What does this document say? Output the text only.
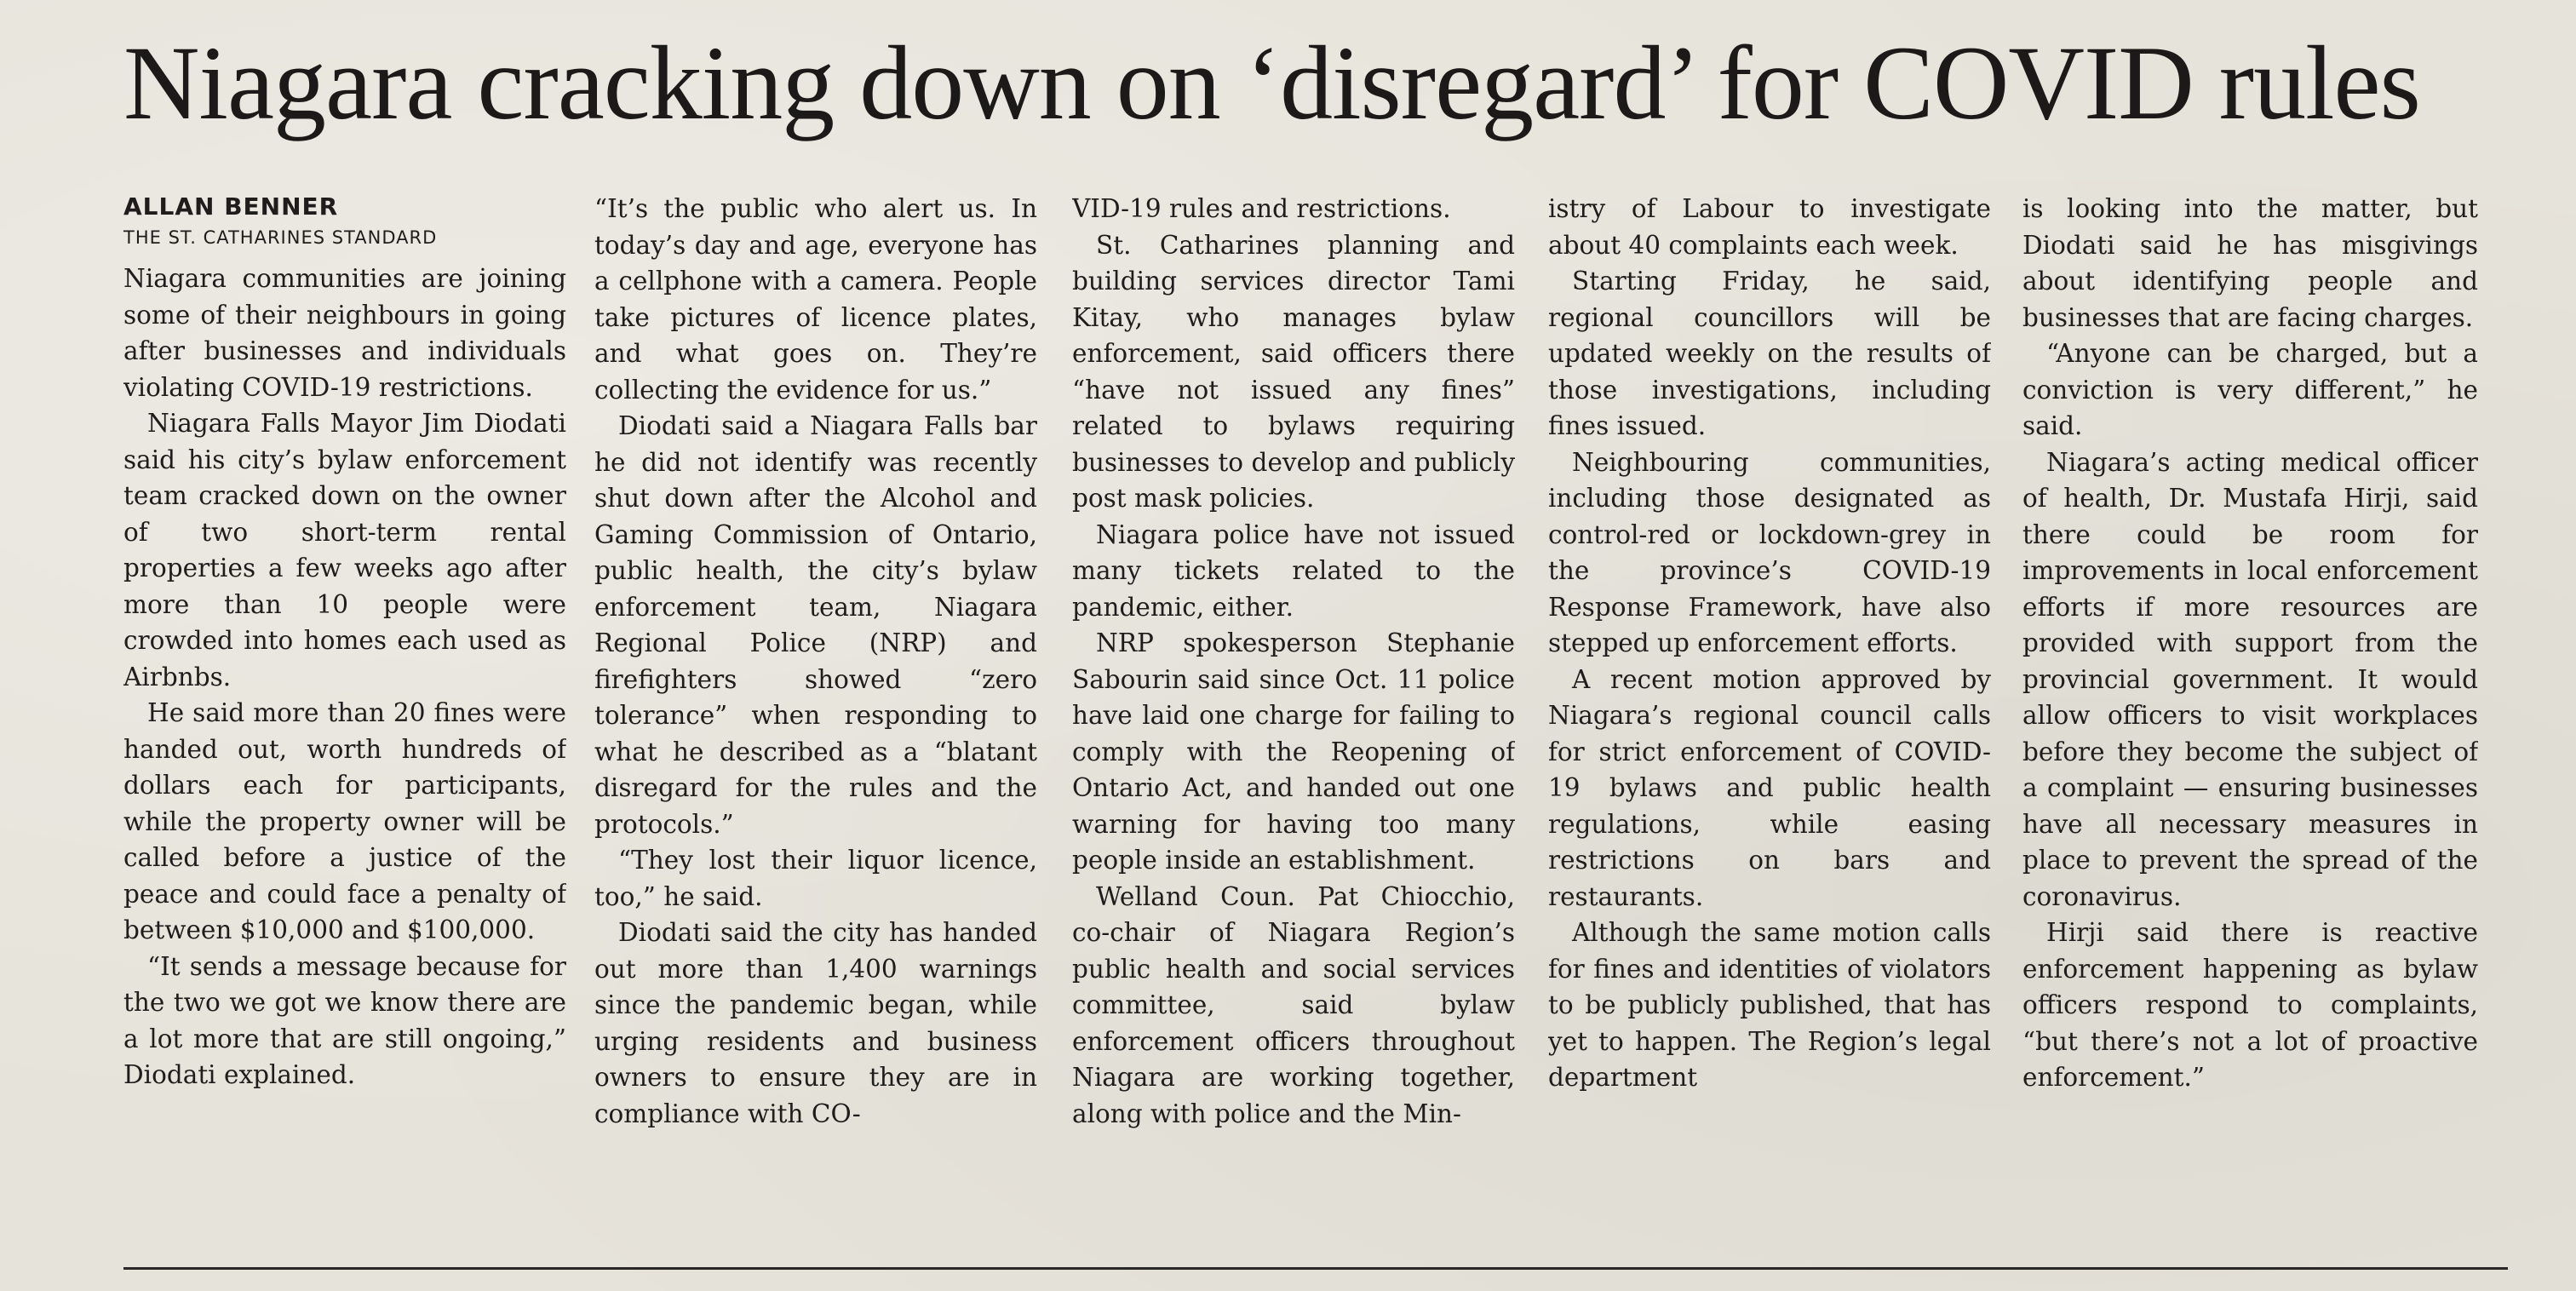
Niagara cracking down on ‘disregard’ for COVID rules
ALLAN BENNER
THE ST. CATHARINES STANDARD

Niagara communities are joining some of their neighbours in going after businesses and individuals violating COVID-19 restrictions.

Niagara Falls Mayor Jim Diodati said his city’s bylaw enforcement team cracked down on the owner of two short-term rental properties a few weeks ago after more than 10 people were crowded into homes each used as Airbnbs.

He said more than 20 fines were handed out, worth hundreds of dollars each for participants, while the property owner will be called before a justice of the peace and could face a penalty of between $10,000 and $100,000.

“It sends a message because for the two we got we know there are a lot more that are still ongoing,” Diodati explained.

“It’s the public who alert us. In today’s day and age, everyone has a cellphone with a camera. People take pictures of licence plates, and what goes on. They’re collecting the evidence for us.”

Diodati said a Niagara Falls bar he did not identify was recently shut down after the Alcohol and Gaming Commission of Ontario, public health, the city’s bylaw enforcement team, Niagara Regional Police (NRP) and firefighters showed “zero tolerance” when responding to what he described as a “blatant disregard for the rules and the protocols.”

“They lost their liquor licence, too,” he said.

Diodati said the city has handed out more than 1,400 warnings since the pandemic began, while urging residents and business owners to ensure they are in compliance with CO-

VID-19 rules and restrictions.

St. Catharines planning and building services director Tami Kitay, who manages bylaw enforcement, said officers there “have not issued any fines” related to bylaws requiring businesses to develop and publicly post mask policies.

Niagara police have not issued many tickets related to the pandemic, either.

NRP spokesperson Stephanie Sabourin said since Oct. 11 police have laid one charge for failing to comply with the Reopening of Ontario Act, and handed out one warning for having too many people inside an establishment.

Welland Coun. Pat Chiocchio, co-chair of Niagara Region’s public health and social services committee, said bylaw enforcement officers throughout Niagara are working together, along with police and the Min-

istry of Labour to investigate about 40 complaints each week.

Starting Friday, he said, regional councillors will be updated weekly on the results of those investigations, including fines issued.

Neighbouring communities, including those designated as control-red or lockdown-grey in the province’s COVID-19 Response Framework, have also stepped up enforcement efforts.

A recent motion approved by Niagara’s regional council calls for strict enforcement of COVID-19 bylaws and public health regulations, while easing restrictions on bars and restaurants.

Although the same motion calls for fines and identities of violators to be publicly published, that has yet to happen. The Region’s legal department

is looking into the matter, but Diodati said he has misgivings about identifying people and businesses that are facing charges.

“Anyone can be charged, but a conviction is very different,” he said.

Niagara’s acting medical officer of health, Dr. Mustafa Hirji, said there could be room for improvements in local enforcement efforts if more resources are provided with support from the provincial government. It would allow officers to visit workplaces before they become the subject of a complaint — ensuring businesses have all necessary measures in place to prevent the spread of the coronavirus.

Hirji said there is reactive enforcement happening as bylaw officers respond to complaints, “but there’s not a lot of proactive enforcement.”
